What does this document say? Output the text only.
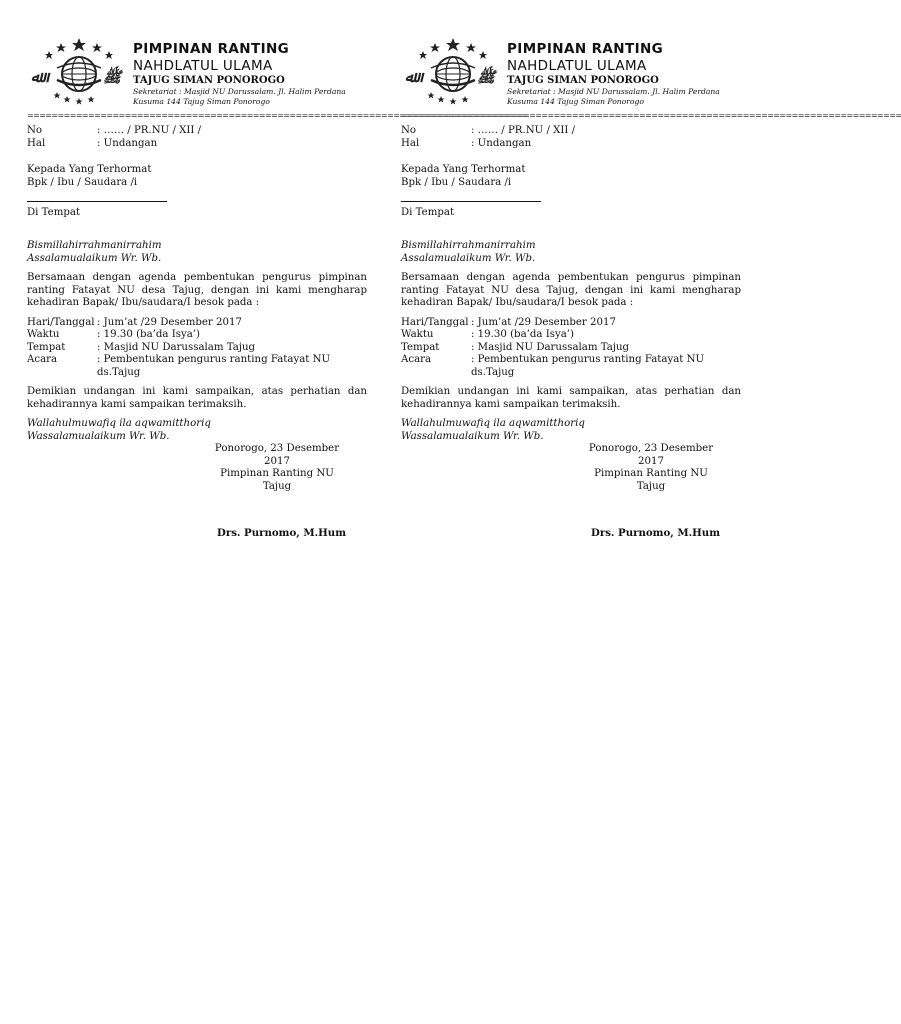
ﷲ	ﷺ
PIMPINAN RANTING
NAHDLATUL ULAMA
TAJUG SIMAN PONOROGO
Sekretariat : Masjid NU Darussalam. Jl. Halim Perdana Kusuma 144 Tajug Siman Ponorogo
==================================================================================
No	: …… / PR.NU / XII /
Hal	: Undangan
Kepada Yang Terhormat
Bpk / Ibu / Saudara /i
Di Tempat
Bismillahirrahmanirrahim
Assalamualaikum Wr. Wb.
Bersamaan dengan agenda pembentukan pengurus pimpinan ranting Fatayat NU desa Tajug, dengan ini kami mengharap kehadiran Bapak/ Ibu/saudara/I besok pada :
Hari/Tanggal : Jum’at /29 Desember 2017
Waktu	: 19.30 (ba’da Isya’)
Tempat	: Masjid NU Darussalam Tajug
Acara	: Pembentukan pengurus ranting Fatayat NU ds.Tajug
Demikian undangan ini kami sampaikan, atas perhatian dan kehadirannya kami sampaikan terimaksih.
Wallahulmuwafiq ila aqwamitthoriq
Wassalamualaikum Wr. Wb.
Ponorogo, 23 Desember 2017
Pimpinan Ranting NU Tajug
Drs. Purnomo, M.Hum
ﷲ	ﷺ
PIMPINAN RANTING
NAHDLATUL ULAMA
TAJUG SIMAN PONOROGO
Sekretariat : Masjid NU Darussalam. Jl. Halim Perdana Kusuma 144 Tajug Siman Ponorogo
==================================================================================
No	: …… / PR.NU / XII /
Hal	: Undangan
Kepada Yang Terhormat
Bpk / Ibu / Saudara /i
Di Tempat
Bismillahirrahmanirrahim
Assalamualaikum Wr. Wb.
Bersamaan dengan agenda pembentukan pengurus pimpinan ranting Fatayat NU desa Tajug, dengan ini kami mengharap kehadiran Bapak/ Ibu/saudara/I besok pada :
Hari/Tanggal : Jum’at /29 Desember 2017
Waktu	: 19.30 (ba’da Isya’)
Tempat	: Masjid NU Darussalam Tajug
Acara	: Pembentukan pengurus ranting Fatayat NU ds.Tajug
Demikian undangan ini kami sampaikan, atas perhatian dan kehadirannya kami sampaikan terimaksih.
Wallahulmuwafiq ila aqwamitthoriq
Wassalamualaikum Wr. Wb.
Ponorogo, 23 Desember 2017
Pimpinan Ranting NU Tajug
Drs. Purnomo, M.Hum
